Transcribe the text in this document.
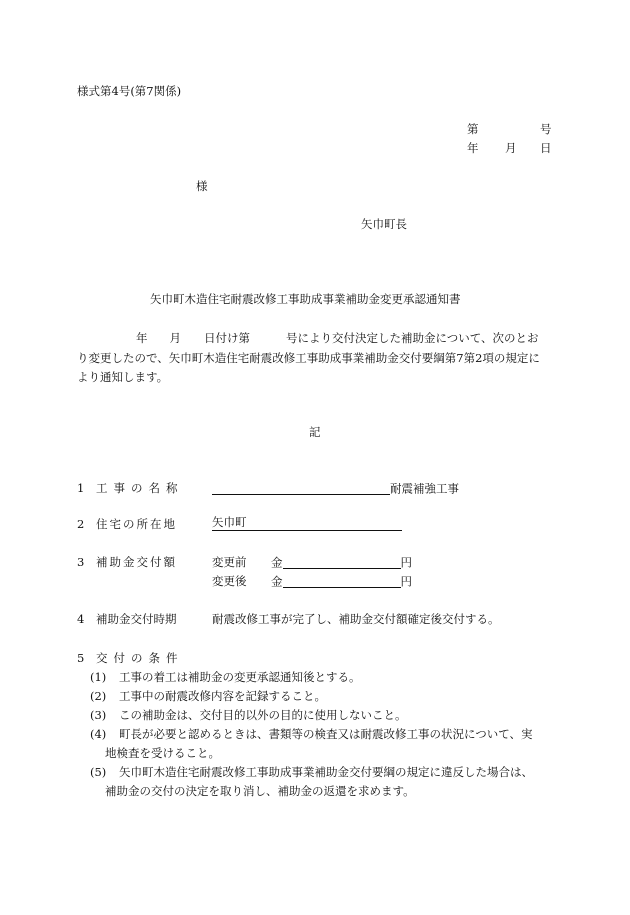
様式第4号(第7関係)
第	号
年 月 日
様
矢巾町長
矢巾町木造住宅耐震改修工事助成事業補助金変更承認通知書
年 月 日付け第	号により交付決定した補助金について、次のとお
り変更したので、矢巾町木造住宅耐震改修工事助成事業補助金交付要綱第7第2項の規定に
より通知します。
記
1 工事の名称	耐震補強工事
2 住宅の所在地	矢巾町
3 補助金交付額	変更前 金	円
変更後 金	円
4 補助金交付時期	耐震改修工事が完了し、補助金交付額確定後交付する。
5 交付の条件
(1) 工事の着工は補助金の変更承認通知後とする。
(2) 工事中の耐震改修内容を記録すること。
(3) この補助金は、交付目的以外の目的に使用しないこと。
(4) 町長が必要と認めるときは、書類等の検査又は耐震改修工事の状況について、実
地検査を受けること。
(5) 矢巾町木造住宅耐震改修工事助成事業補助金交付要綱の規定に違反した場合は、
補助金の交付の決定を取り消し、補助金の返還を求めます。
